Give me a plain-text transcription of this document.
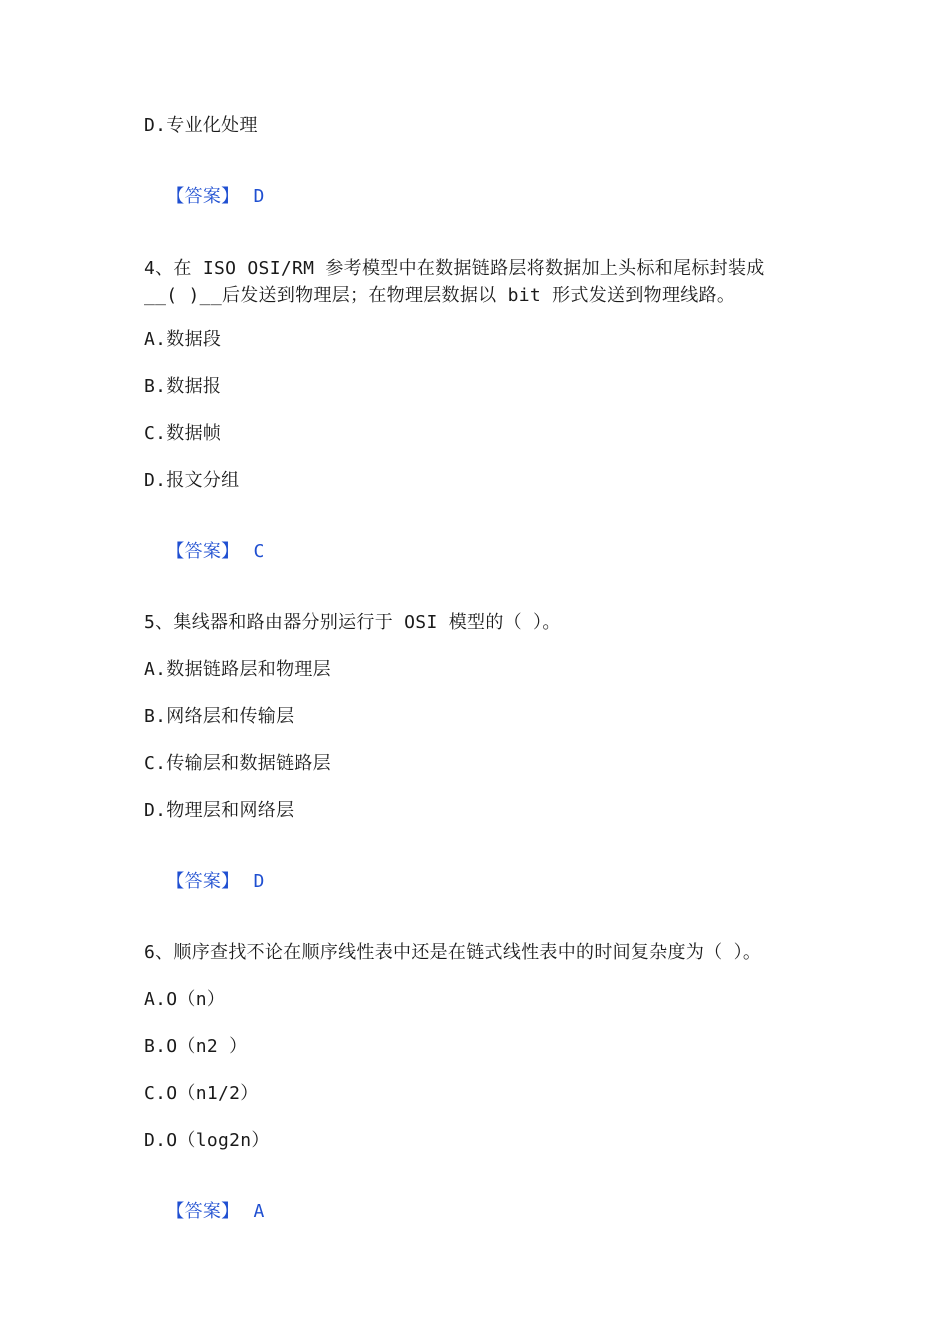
D.专业化处理

【答案】 D

4、在 ISO OSI/RM 参考模型中在数据链路层将数据加上头标和尾标封装成
__( )__后发送到物理层；在物理层数据以 bit 形式发送到物理线路。
A.数据段
B.数据报
C.数据帧
D.报文分组

【答案】 C

5、集线器和路由器分别运行于 OSI 模型的（ ）。
A.数据链路层和物理层
B.网络层和传输层
C.传输层和数据链路层
D.物理层和网络层

【答案】 D

6、顺序查找不论在顺序线性表中还是在链式线性表中的时间复杂度为（ ）。
A.O（n）
B.O（n2 ）
C.O（n1/2）
D.O（log2n）

【答案】 A
